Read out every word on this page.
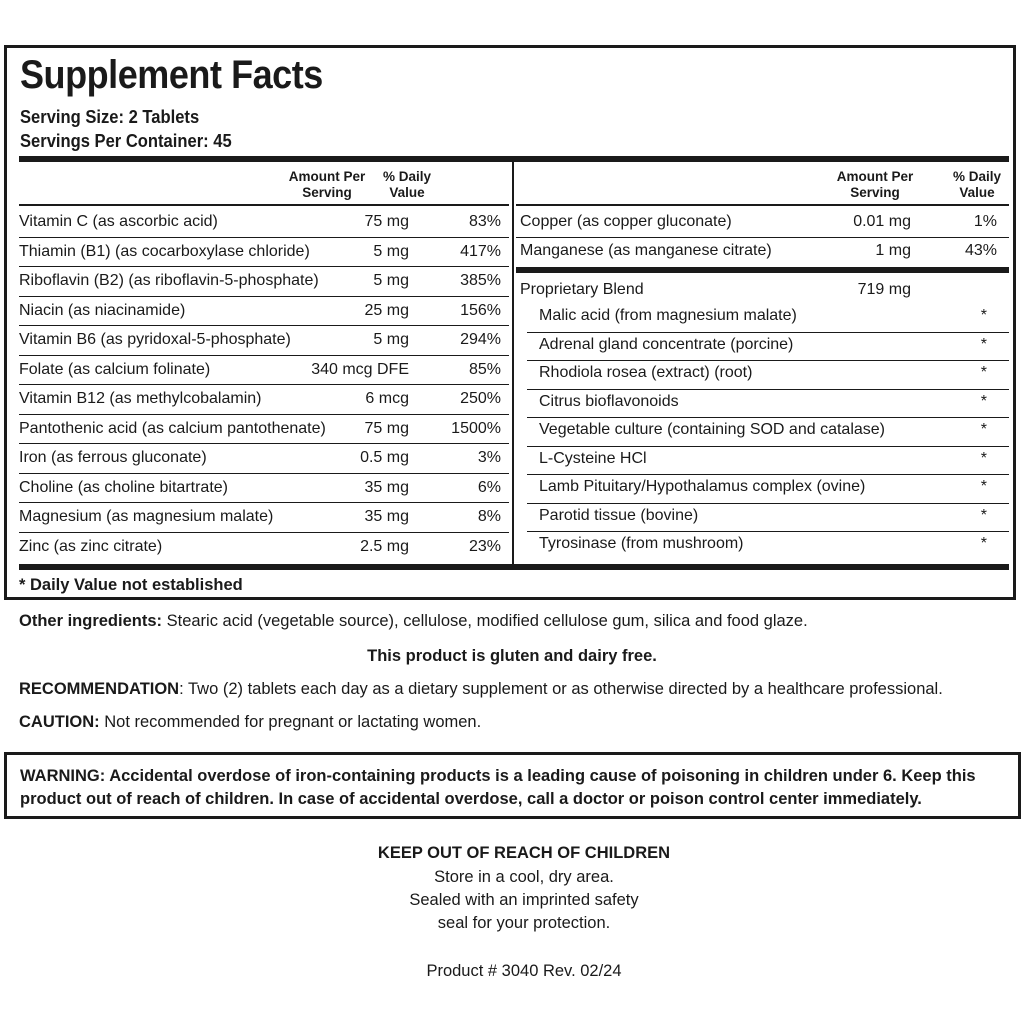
Supplement Facts
Serving Size: 2 Tablets
Servings Per Container: 45
Amount Per
Serving
% Daily
Value
Amount Per
Serving
% Daily
Value
Vitamin C (as ascorbic acid)	75 mg	83%
Thiamin (B1) (as cocarboxylase chloride)	5 mg	417%
Riboflavin (B2) (as riboflavin-5-phosphate)	5 mg	385%
Niacin (as niacinamide)	25 mg	156%
Vitamin B6 (as pyridoxal-5-phosphate)	5 mg	294%
Folate (as calcium folinate)	340 mcg DFE	85%
Vitamin B12 (as methylcobalamin)	6 mcg	250%
Pantothenic acid (as calcium pantothenate) 75 mg	1500%
Iron (as ferrous gluconate)	0.5 mg	3%
Choline (as choline bitartrate)	35 mg	6%
Magnesium (as magnesium malate)	35 mg	8%
Zinc (as zinc citrate)	2.5 mg	23%
Copper (as copper gluconate)	0.01 mg	1%
Manganese (as manganese citrate)	1 mg	43%
Proprietary Blend	719 mg
Malic acid (from magnesium malate)	*
Adrenal gland concentrate (porcine)	*
Rhodiola rosea (extract) (root)	*
Citrus bioflavonoids	*
Vegetable culture (containing SOD and catalase)	*
L-Cysteine HCl	*
Lamb Pituitary/Hypothalamus complex (ovine)	*
Parotid tissue (bovine)	*
Tyrosinase (from mushroom)	*
* Daily Value not established
Other ingredients: Stearic acid (vegetable source), cellulose, modified cellulose gum, silica and food glaze.
This product is gluten and dairy free.
RECOMMENDATION: Two (2) tablets each day as a dietary supplement or as otherwise directed by a healthcare professional.
CAUTION: Not recommended for pregnant or lactating women.
WARNING: Accidental overdose of iron-containing products is a leading cause of poisoning in children under 6. Keep this product out of reach of children. In case of accidental overdose, call a doctor or poison control center immediately.
KEEP OUT OF REACH OF CHILDREN
Store in a cool, dry area.
Sealed with an imprinted safety
seal for your protection.
Product # 3040 Rev. 02/24
